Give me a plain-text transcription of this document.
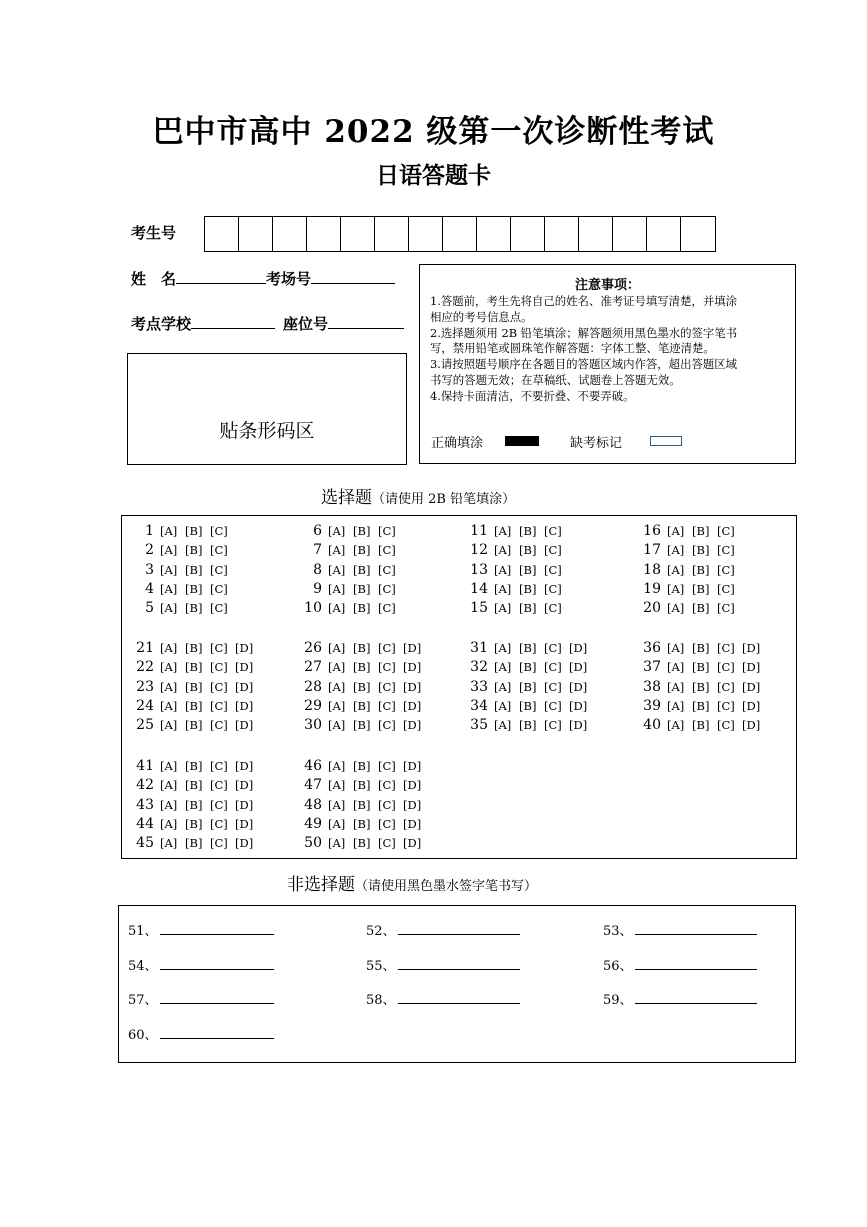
巴中市高中 2022 级第一次诊断性考试
日语答题卡
考生号
姓　名	考场号
考点学校	座位号
贴条形码区
注意事项：
1.答题前，考生先将自己的姓名、准考证号填写清楚，并填涂
相应的考号信息点。
2.选择题须用 2B 铅笔填涂；解答题须用黑色墨水的签字笔书
写，禁用铅笔或圆珠笔作解答题：字体工整、笔迹清楚。
3.请按照题号顺序在各题目的答题区域内作答，超出答题区域
书写的答题无效；在草稿纸、试题卷上答题无效。
4.保持卡面清洁，不要折叠、不要弄破。
正确填涂	缺考标记
选择题（请使用 2B 铅笔填涂）
1 [A] [B] [C]
2 [A] [B] [C]
3 [A] [B] [C]
4 [A] [B] [C]
5 [A] [B] [C]
6 [A] [B] [C]
7 [A] [B] [C]
8 [A] [B] [C]
9 [A] [B] [C]
10 [A] [B] [C]
11 [A] [B] [C]
12 [A] [B] [C]
13 [A] [B] [C]
14 [A] [B] [C]
15 [A] [B] [C]
16 [A] [B] [C]
17 [A] [B] [C]
18 [A] [B] [C]
19 [A] [B] [C]
20 [A] [B] [C]
21 [A] [B] [C] [D]
22 [A] [B] [C] [D]
23 [A] [B] [C] [D]
24 [A] [B] [C] [D]
25 [A] [B] [C] [D]
26 [A] [B] [C] [D]
27 [A] [B] [C] [D]
28 [A] [B] [C] [D]
29 [A] [B] [C] [D]
30 [A] [B] [C] [D]
31 [A] [B] [C] [D]
32 [A] [B] [C] [D]
33 [A] [B] [C] [D]
34 [A] [B] [C] [D]
35 [A] [B] [C] [D]
36 [A] [B] [C] [D]
37 [A] [B] [C] [D]
38 [A] [B] [C] [D]
39 [A] [B] [C] [D]
40 [A] [B] [C] [D]
41 [A] [B] [C] [D]
42 [A] [B] [C] [D]
43 [A] [B] [C] [D]
44 [A] [B] [C] [D]
45 [A] [B] [C] [D]
46 [A] [B] [C] [D]
47 [A] [B] [C] [D]
48 [A] [B] [C] [D]
49 [A] [B] [C] [D]
50 [A] [B] [C] [D]
非选择题（请使用黑色墨水签字笔书写）
51、	52、	53、
54、	55、	56、
57、	58、	59、
60、
